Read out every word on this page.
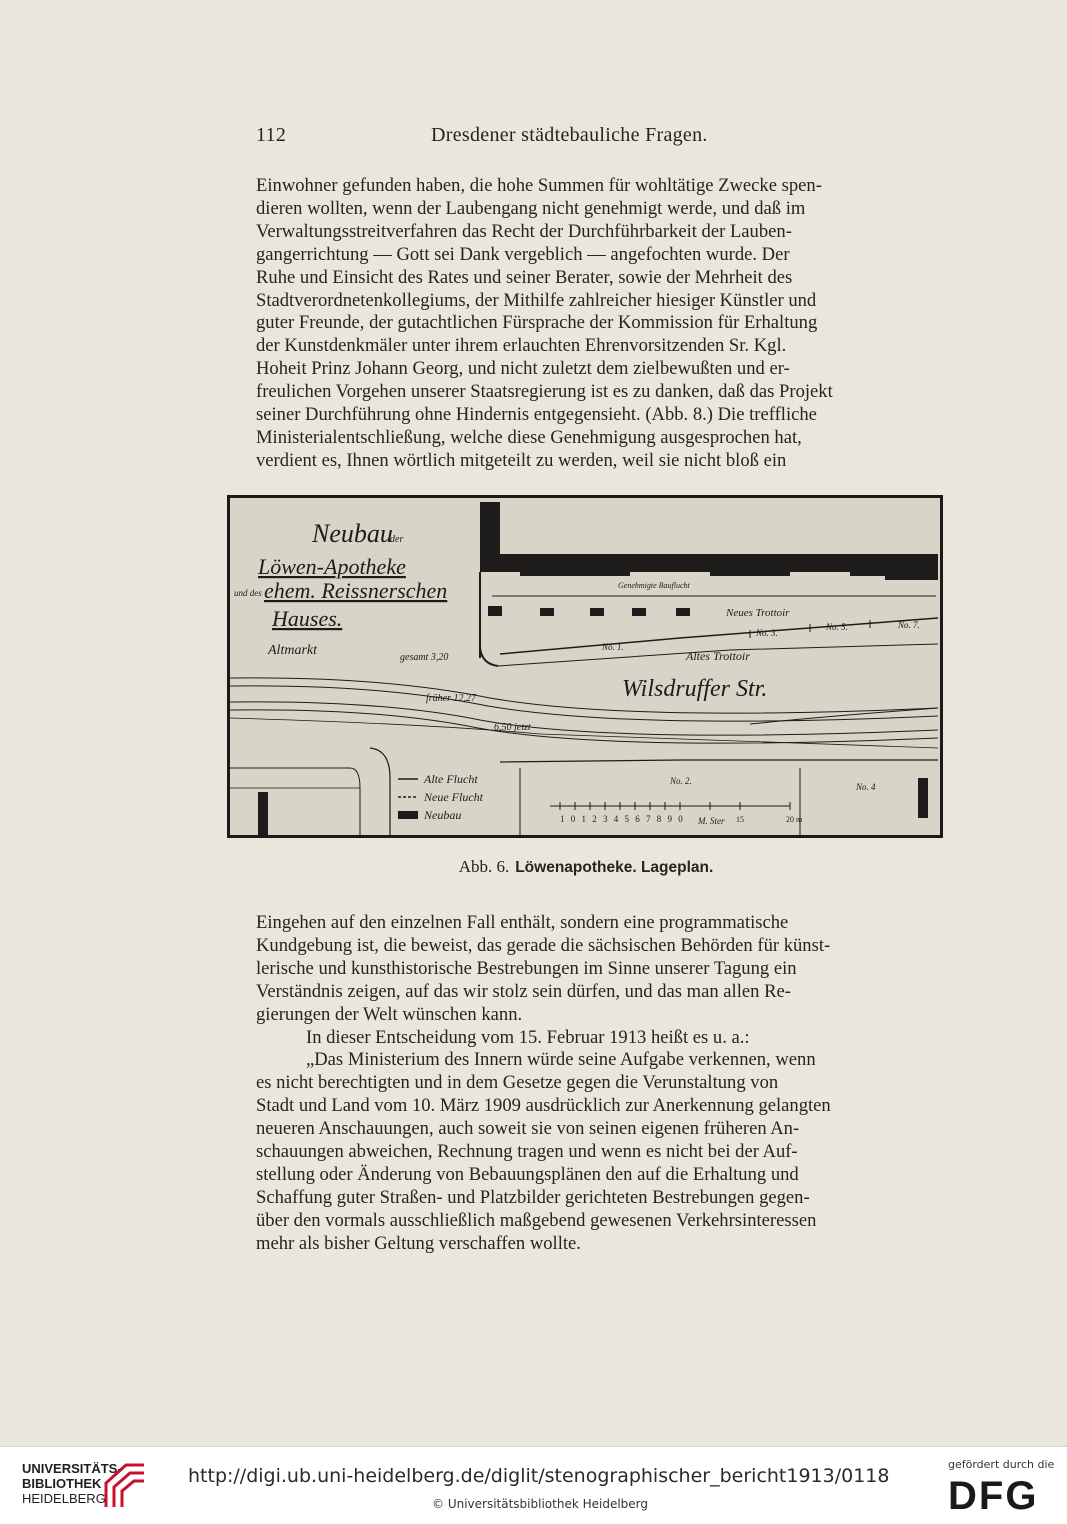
112	Dresdener städtebauliche Fragen.

Einwohner gefunden haben, die hohe Summen für wohltätige Zwecke spen-

dieren wollten, wenn der Laubengang nicht genehmigt werde, und daß im

Verwaltungsstreitverfahren das Recht der Durchführbarkeit der Lauben-

gangerrichtung — Gott sei Dank vergeblich — angefochten wurde. Der

Ruhe und Einsicht des Rates und seiner Berater, sowie der Mehrheit des

Stadtverordnetenkollegiums, der Mithilfe zahlreicher hiesiger Künstler und

guter Freunde, der gutachtlichen Fürsprache der Kommission für Erhaltung

der Kunstdenkmäler unter ihrem erlauchten Ehrenvorsitzenden Sr. Kgl.

Hoheit Prinz Johann Georg, und nicht zuletzt dem zielbewußten und er-

freulichen Vorgehen unserer Staatsregierung ist es zu danken, daß das Projekt

seiner Durchführung ohne Hindernis entgegensieht. (Abb. 8.) Die treffliche

Ministerialentschließung, welche diese Genehmigung ausgesprochen hat,

verdient es, Ihnen wörtlich mitgeteilt zu werden, weil sie nicht bloß ein

Neubau
der
Löwen-Apotheke
und des ehem. Reissnerschen
Hauses.
Altmarkt	gesamt 3,20
Neues Trottoir
Altes Trottoir
Wilsdruffer Str.
früher 12,27
6,50 jetzt
Genehmigte Bauflucht
No. 1.
No. 2.
No. 3.
No. 5.	No. 7.
No. 4
Alte Flucht
Neue Flucht
Neubau	M. Ster
1 0 1 2 3 4 5 6 7 8 9 0	15	20 m
Abb. 6. Löwenapotheke. Lageplan.

Eingehen auf den einzelnen Fall enthält, sondern eine programmatische

Kundgebung ist, die beweist, das gerade die sächsischen Behörden für künst-

lerische und kunsthistorische Bestrebungen im Sinne unserer Tagung ein

Verständnis zeigen, auf das wir stolz sein dürfen, und das man allen Re-

gierungen der Welt wünschen kann.

In dieser Entscheidung vom 15. Februar 1913 heißt es u. a.:

„Das Ministerium des Innern würde seine Aufgabe verkennen, wenn

es nicht berechtigten und in dem Gesetze gegen die Verunstaltung von

Stadt und Land vom 10. März 1909 ausdrücklich zur Anerkennung gelangten

neueren Anschauungen, auch soweit sie von seinen eigenen früheren An-

schauungen abweichen, Rechnung tragen und wenn es nicht bei der Auf-

stellung oder Änderung von Bebauungsplänen den auf die Erhaltung und

Schaffung guter Straßen- und Platzbilder gerichteten Bestrebungen gegen-

über den vormals ausschließlich maßgebend gewesenen Verkehrsinteressen

mehr als bisher Geltung verschaffen wollte.

UNIVERSITÄTS-
BIBLIOTHEK
HEIDELBERG
http://digi.ub.uni-heidelberg.de/diglit/stenographischer_bericht1913/0118
© Universitätsbibliothek Heidelberg
gefördert durch die
DFG
